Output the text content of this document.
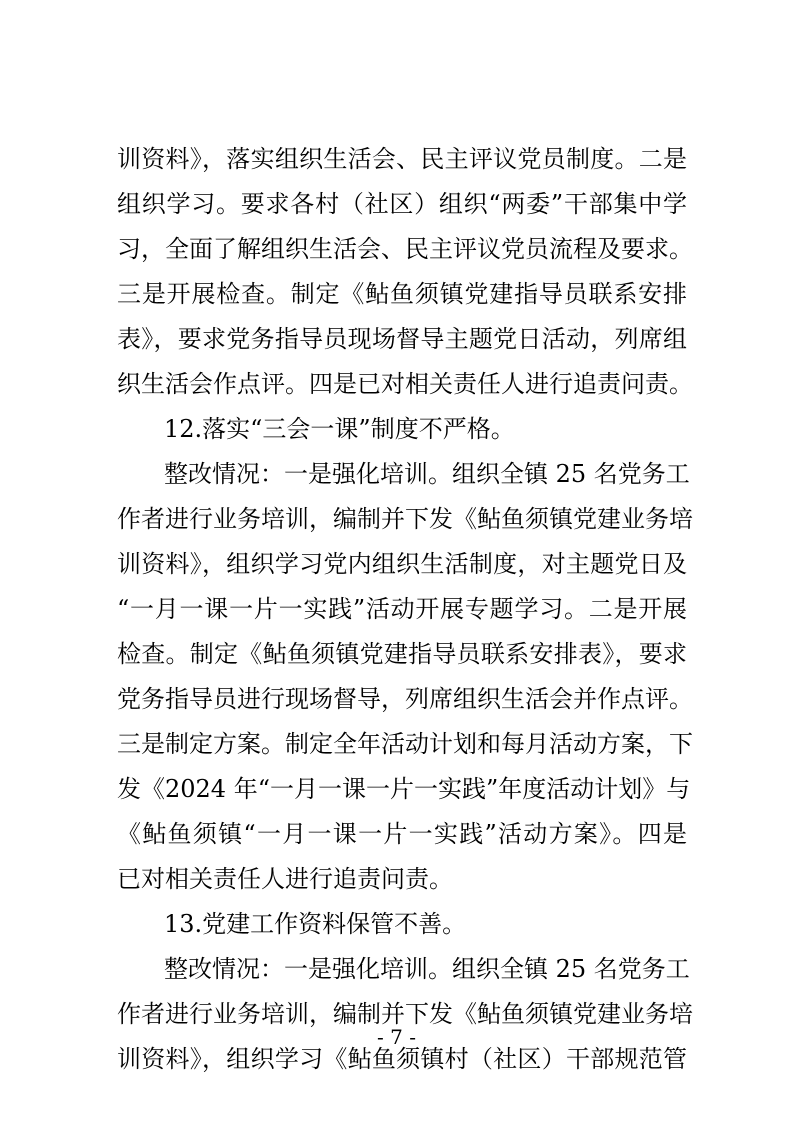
训资料》，落实组织生活会、民主评议党员制度。二是
组织学习。要求各村（社区）组织“两委”干部集中学
习，全面了解组织生活会、民主评议党员流程及要求。
三是开展检查。制定《鲇鱼须镇党建指导员联系安排
表》，要求党务指导员现场督导主题党日活动，列席组
织生活会作点评。四是已对相关责任人进行追责问责。
12.落实“三会一课”制度不严格。
整改情况：一是强化培训。组织全镇 25 名党务工
作者进行业务培训，编制并下发《鲇鱼须镇党建业务培
训资料》，组织学习党内组织生活制度，对主题党日及
“一月一课一片一实践”活动开展专题学习。二是开展
检查。制定《鲇鱼须镇党建指导员联系安排表》，要求
党务指导员进行现场督导，列席组织生活会并作点评。
三是制定方案。制定全年活动计划和每月活动方案，下
发《2024 年“一月一课一片一实践”年度活动计划》与
《鲇鱼须镇“一月一课一片一实践”活动方案》。四是
已对相关责任人进行追责问责。
13.党建工作资料保管不善。
整改情况：一是强化培训。组织全镇 25 名党务工
作者进行业务培训，编制并下发《鲇鱼须镇党建业务培
训资料》，组织学习《鲇鱼须镇村（社区）干部规范管
- 7 -
